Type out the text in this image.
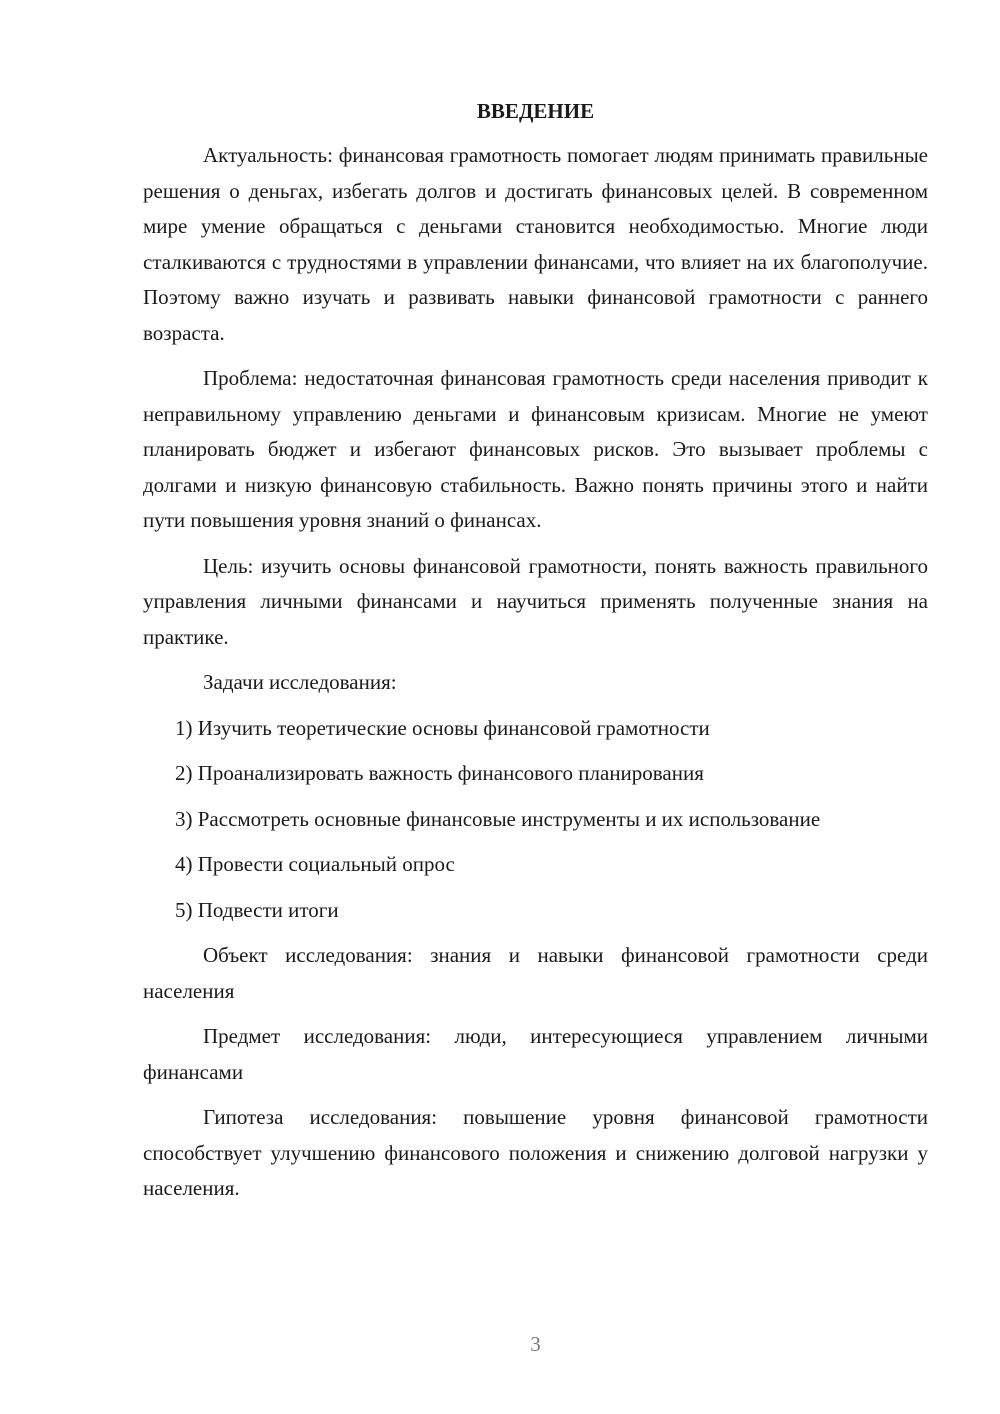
ВВЕДЕНИЕ

Актуальность: финансовая грамотность помогает людям принимать правильные решения о деньгах, избегать долгов и достигать финансовых целей. В современном мире умение обращаться с деньгами становится необходимостью. Многие люди сталкиваются с трудностями в управлении финансами, что влияет на их благополучие. Поэтому важно изучать и развивать навыки финансовой грамотности с раннего возраста.

Проблема: недостаточная финансовая грамотность среди населения приводит к неправильному управлению деньгами и финансовым кризисам. Многие не умеют планировать бюджет и избегают финансовых рисков. Это вызывает проблемы с долгами и низкую финансовую стабильность. Важно понять причины этого и найти пути повышения уровня знаний о финансах.

Цель: изучить основы финансовой грамотности, понять важность правильного управления личными финансами и научиться применять полученные знания на практике.

Задачи исследования:

1) Изучить теоретические основы финансовой грамотности

2) Проанализировать важность финансового планирования

3) Рассмотреть основные финансовые инструменты и их использование

4) Провести социальный опрос

5) Подвести итоги

Объект исследования: знания и навыки финансовой грамотности среди населения

Предмет исследования: люди, интересующиеся управлением личными финансами

Гипотеза исследования: повышение уровня финансовой грамотности способствует улучшению финансового положения и снижению долговой нагрузки у населения.

3
